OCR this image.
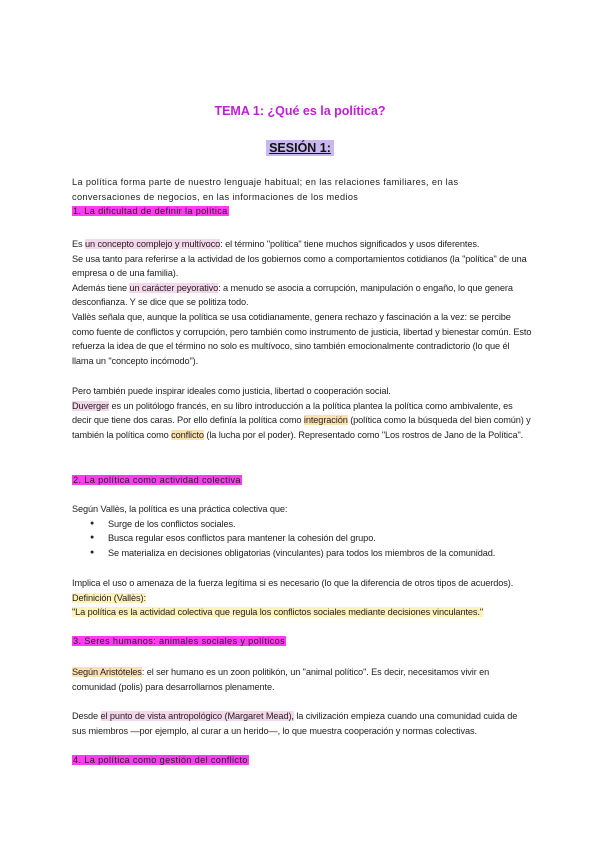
TEMA 1: ¿Qué es la política?
SESIÓN 1:
La política forma parte de nuestro lenguaje habitual; en las relaciones familiares, en las
conversaciones de negocios, en las informaciones de los medios
1. La dificultad de definir la política
Es un concepto complejo y multívoco: el término "política" tiene muchos significados y usos diferentes.
Se usa tanto para referirse a la actividad de los gobiernos como a comportamientos cotidianos (la "política" de una empresa o de una familia).
Además tiene un carácter peyorativo: a menudo se asocia a corrupción, manipulación o engaño, lo que genera desconfianza. Y se dice que se politiza todo.
Vallès señala que, aunque la política se usa cotidianamente, genera rechazo y fascinación a la vez: se percibe como fuente de conflictos y corrupción, pero también como instrumento de justicia, libertad y bienestar común. Esto refuerza la idea de que el término no solo es multívoco, sino también emocionalmente contradictorio (lo que él llama un "concepto incómodo").
Pero también puede inspirar ideales como justicia, libertad o cooperación social.
Duverger es un politólogo francés, en su libro introducción a la política plantea la política como ambivalente, es decir que tiene dos caras. Por ello definía la política como integración (política como la búsqueda del bien común) y también la política como conflicto (la lucha por el poder). Representado como "Los rostros de Jano de la Política".
2. La política como actividad colectiva
Según Vallès, la política es una práctica colectiva que:
● Surge de los conflictos sociales.
● Busca regular esos conflictos para mantener la cohesión del grupo.
● Se materializa en decisiones obligatorias (vinculantes) para todos los miembros de la comunidad.
Implica el uso o amenaza de la fuerza legítima si es necesario (lo que la diferencia de otros tipos de acuerdos).
Definición (Vallès):
"La política es la actividad colectiva que regula los conflictos sociales mediante decisiones vinculantes."
3. Seres humanos: animales sociales y políticos
Según Aristóteles: el ser humano es un zoon politikón, un "animal político". Es decir, necesitamos vivir en comunidad (polis) para desarrollarnos plenamente.
Desde el punto de vista antropológico (Margaret Mead), la civilización empieza cuando una comunidad cuida de sus miembros —por ejemplo, al curar a un herido—, lo que muestra cooperación y normas colectivas.
4. La política como gestión del conflicto
